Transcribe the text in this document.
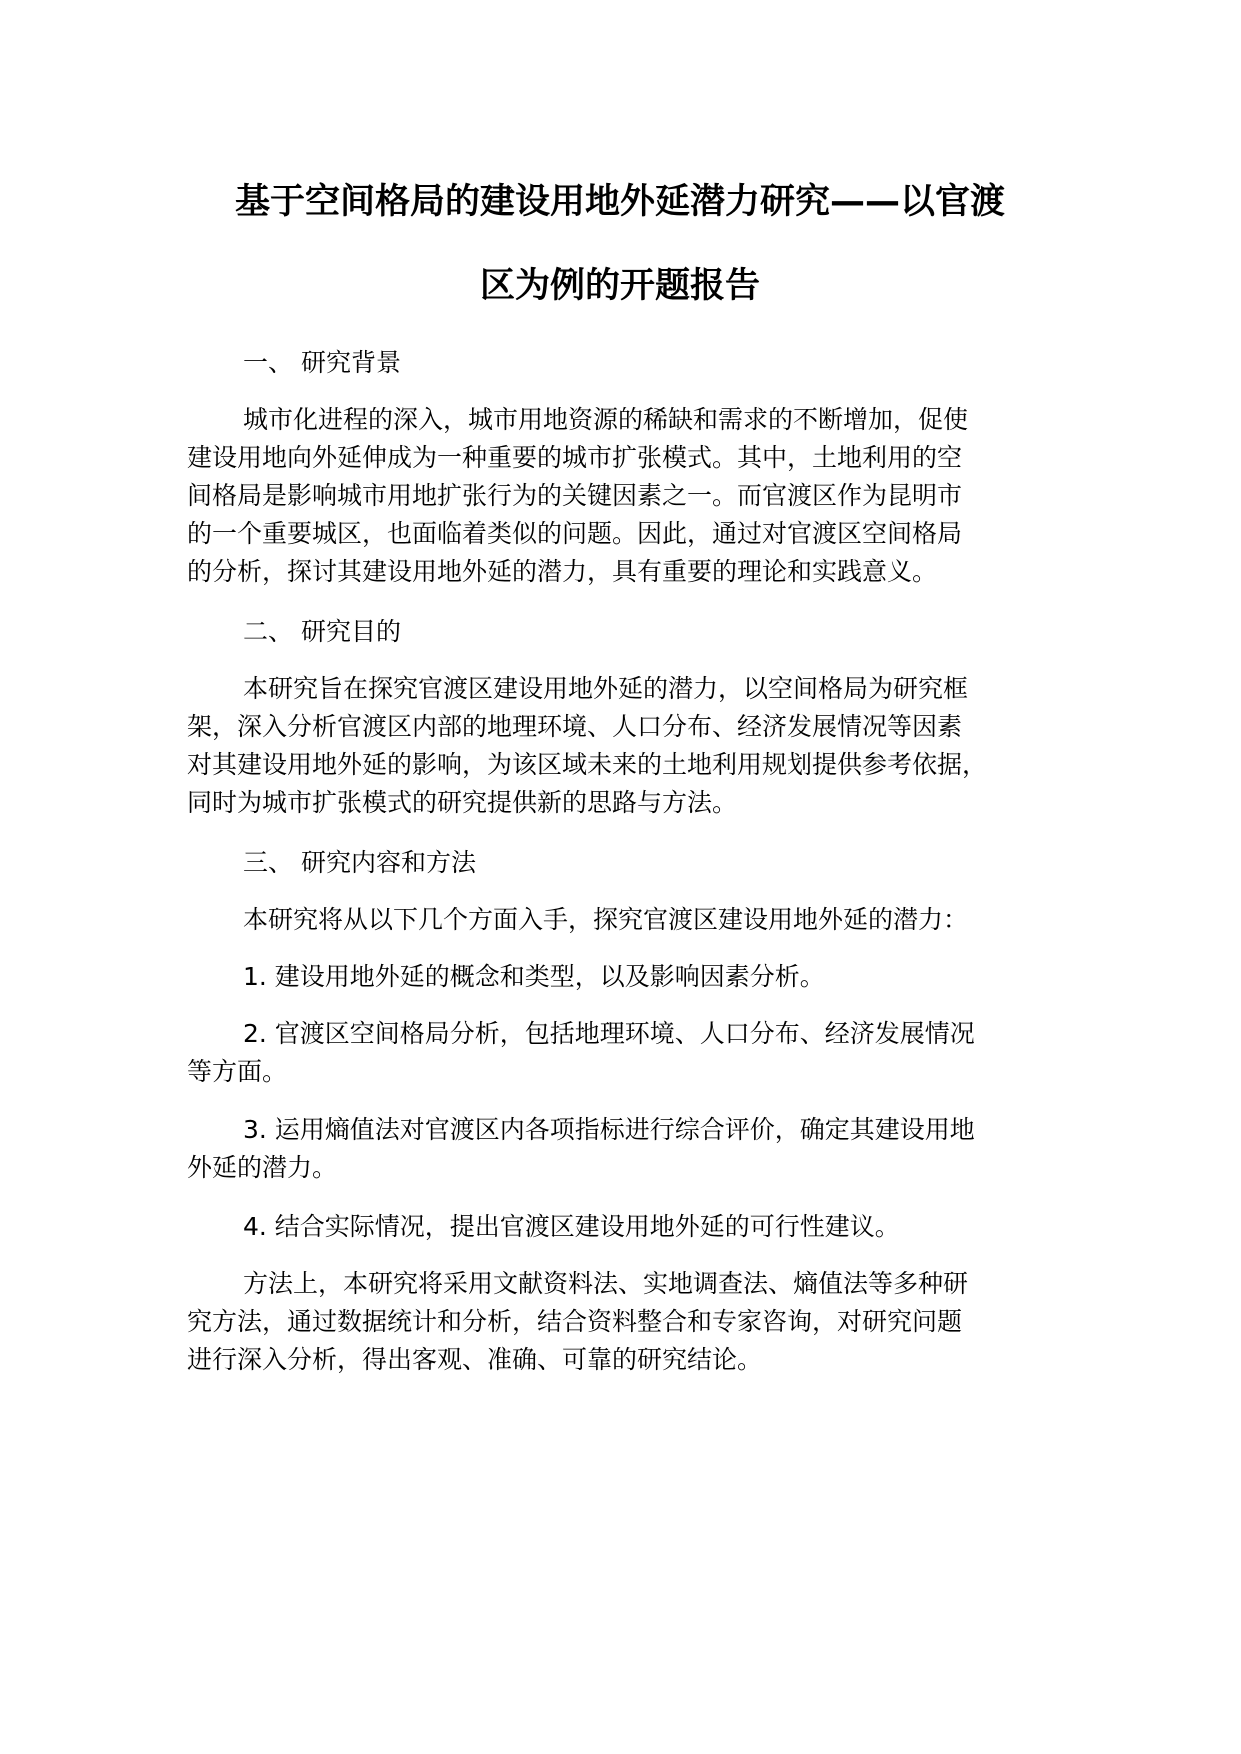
基于空间格局的建设用地外延潜力研究——以官渡
区为例的开题报告
一、 研究背景
城市化进程的深入，城市用地资源的稀缺和需求的不断增加，促使
建设用地向外延伸成为一种重要的城市扩张模式。其中，土地利用的空
间格局是影响城市用地扩张行为的关键因素之一。而官渡区作为昆明市
的一个重要城区，也面临着类似的问题。因此，通过对官渡区空间格局
的分析，探讨其建设用地外延的潜力，具有重要的理论和实践意义。
二、 研究目的
本研究旨在探究官渡区建设用地外延的潜力，以空间格局为研究框
架，深入分析官渡区内部的地理环境、人口分布、经济发展情况等因素
对其建设用地外延的影响，为该区域未来的土地利用规划提供参考依据，
同时为城市扩张模式的研究提供新的思路与方法。
三、 研究内容和方法
本研究将从以下几个方面入手，探究官渡区建设用地外延的潜力：
1. 建设用地外延的概念和类型，以及影响因素分析。
2. 官渡区空间格局分析，包括地理环境、人口分布、经济发展情况
等方面。
3. 运用熵值法对官渡区内各项指标进行综合评价，确定其建设用地
外延的潜力。
4. 结合实际情况，提出官渡区建设用地外延的可行性建议。
方法上，本研究将采用文献资料法、实地调查法、熵值法等多种研
究方法，通过数据统计和分析，结合资料整合和专家咨询，对研究问题
进行深入分析，得出客观、准确、可靠的研究结论。
